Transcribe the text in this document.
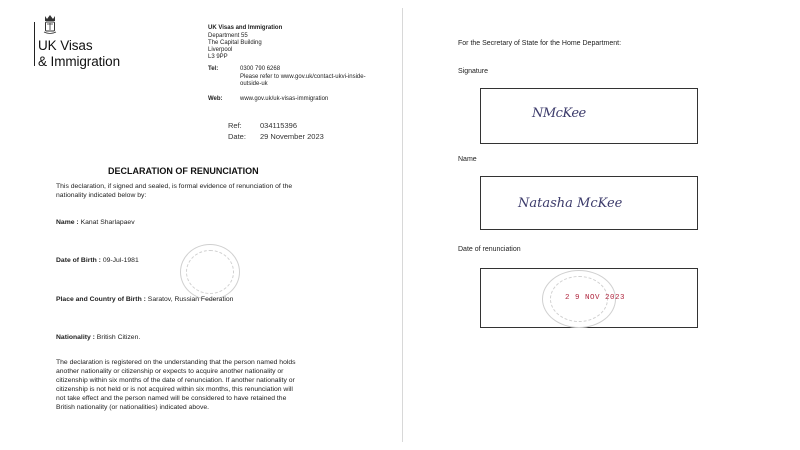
UK Visas
& Immigration
UK Visas and Immigration
Department 55
The Capital Building
Liverpool
L3 9PP
Tel:	0300 790 6268
Please refer to www.gov.uk/contact-ukvi-inside-
outside-uk
Web:	www.gov.uk/uk-visas-immigration
Ref: 034115396
Date: 29 November 2023
DECLARATION OF RENUNCIATION
This declaration, if signed and sealed, is formal evidence of renunciation of the
nationality indicated below by:
Name : Kanat Sharlapaev
Date of Birth : 09-Jul-1981
Place and Country of Birth : Saratov, Russian Federation
Nationality : British Citizen.
The declaration is registered on the understanding that the person named holds
another nationality or citizenship or expects to acquire another nationality or
citizenship within six months of the date of renunciation. If another nationality or
citizenship is not held or is not acquired within six months, this renunciation will
not take effect and the person named will be considered to have retained the
British nationality (or nationalities) indicated above.
For the Secretary of State for the Home Department:
Signature
NMcKee
Name
Natasha McKee
Date of renunciation
2 9 NOV 2023
